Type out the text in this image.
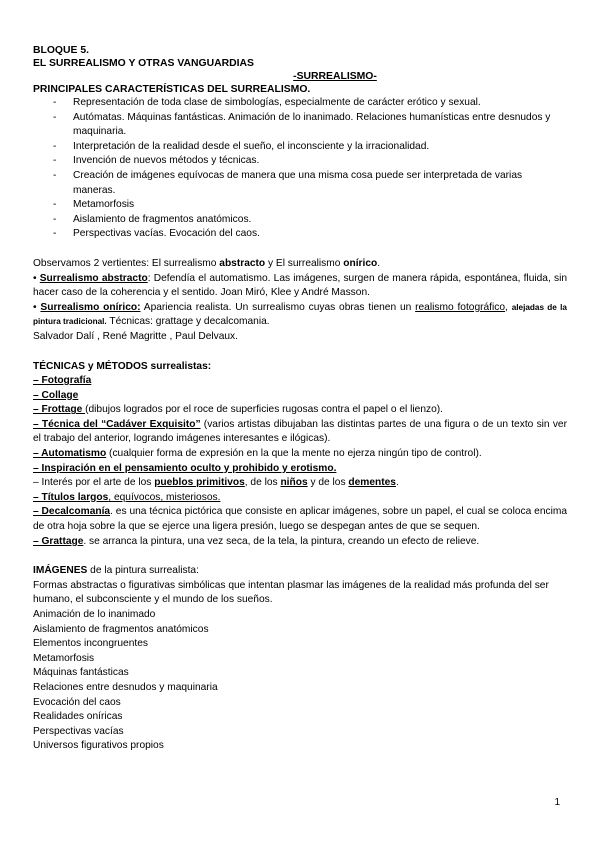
BLOQUE 5.
EL SURREALISMO Y OTRAS VANGUARDIAS
-SURREALISMO-
PRINCIPALES CARACTERÍSTICAS DEL SURREALISMO.
- Representación de toda clase de simbologías, especialmente de carácter erótico y sexual.
- Autómatas. Máquinas fantásticas. Animación de lo inanimado. Relaciones humanísticas entre desnudos y maquinaria.
- Interpretación de la realidad desde el sueño, el inconsciente y la irracionalidad.
- Invención de nuevos métodos y técnicas.
- Creación de imágenes equívocas de manera que una misma cosa puede ser interpretada de varias maneras.
- Metamorfosis
- Aislamiento de fragmentos anatómicos.
- Perspectivas vacías. Evocación del caos.
Observamos 2 vertientes: El surrealismo abstracto y El surrealismo onírico.
• Surrealismo abstracto: Defendía el automatismo. Las imágenes, surgen de manera rápida, espontánea, fluida, sin hacer caso de la coherencia y el sentido. Joan Miró, Klee y André Masson.
• Surrealismo onírico: Apariencia realista. Un surrealismo cuyas obras tienen un realismo fotográfico, alejadas de la pintura tradicional. Técnicas: grattage y decalcomania.
Salvador Dalí , René Magritte , Paul Delvaux.
TÉCNICAS y MÉTODOS surrealistas:
– Fotografía
– Collage
– Frottage (dibujos logrados por el roce de superficies rugosas contra el papel o el lienzo).
– Técnica del “Cadáver Exquisito” (varios artistas dibujaban las distintas partes de una figura o de un texto sin ver el trabajo del anterior, logrando imágenes interesantes e ilógicas).
– Automatismo (cualquier forma de expresión en la que la mente no ejerza ningún tipo de control).
– Inspiración en el pensamiento oculto y prohibido y erotismo.
– Interés por el arte de los pueblos primitivos, de los niños y de los dementes.
– Títulos largos, equívocos, misteriosos.
– Decalcomanía. es una técnica pictórica que consiste en aplicar imágenes, sobre un papel, el cual se coloca encima de otra hoja sobre la que se ejerce una ligera presión, luego se despegan antes de que se sequen.
– Grattage. se arranca la pintura, una vez seca, de la tela, la pintura, creando un efecto de relieve.
IMÁGENES de la pintura surrealista:
Formas abstractas o figurativas simbólicas que intentan plasmar las imágenes de la realidad más profunda del ser humano, el subconsciente y el mundo de los sueños.
Animación de lo inanimado
Aislamiento de fragmentos anatómicos
Elementos incongruentes
Metamorfosis
Máquinas fantásticas
Relaciones entre desnudos y maquinaria
Evocación del caos
Realidades oníricas
Perspectivas vacías
Universos figurativos propios
1
